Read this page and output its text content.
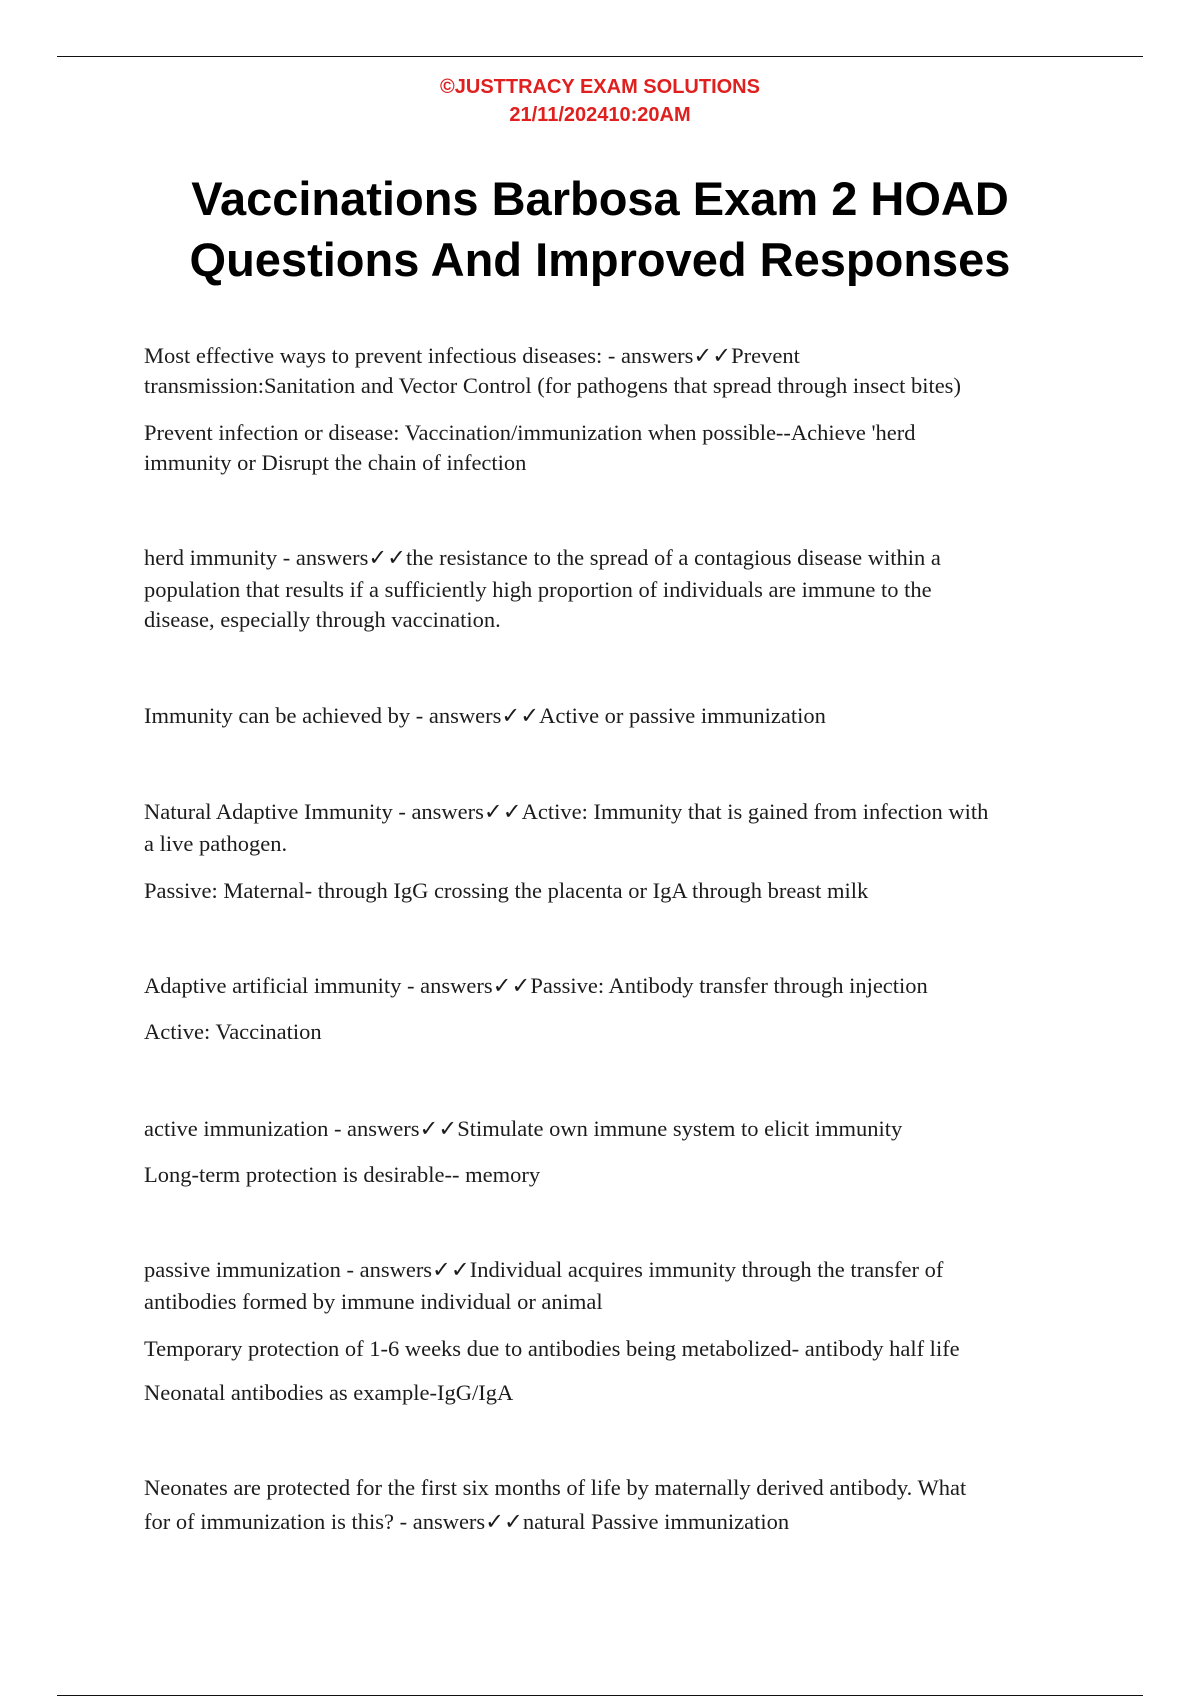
©JUSTTRACY EXAM SOLUTIONS
21/11/202410:20AM
Vaccinations Barbosa Exam 2 HOAD
Questions And Improved Responses

Most effective ways to prevent infectious diseases: - answers✓✓Prevent

transmission:Sanitation and Vector Control (for pathogens that spread through insect bites)

Prevent infection or disease: Vaccination/immunization when possible--Achieve 'herd

immunity or Disrupt the chain of infection

herd immunity - answers✓✓the resistance to the spread of a contagious disease within a

population that results if a sufficiently high proportion of individuals are immune to the

disease, especially through vaccination.

Immunity can be achieved by - answers✓✓Active or passive immunization

Natural Adaptive Immunity - answers✓✓Active: Immunity that is gained from infection with

a live pathogen.

Passive: Maternal- through IgG crossing the placenta or IgA through breast milk

Adaptive artificial immunity - answers✓✓Passive: Antibody transfer through injection

Active: Vaccination

active immunization - answers✓✓Stimulate own immune system to elicit immunity

Long-term protection is desirable-- memory

passive immunization - answers✓✓Individual acquires immunity through the transfer of

antibodies formed by immune individual or animal

Temporary protection of 1-6 weeks due to antibodies being metabolized- antibody half life

Neonatal antibodies as example-IgG/IgA

Neonates are protected for the first six months of life by maternally derived antibody. What

for of immunization is this? - answers✓✓natural Passive immunization
